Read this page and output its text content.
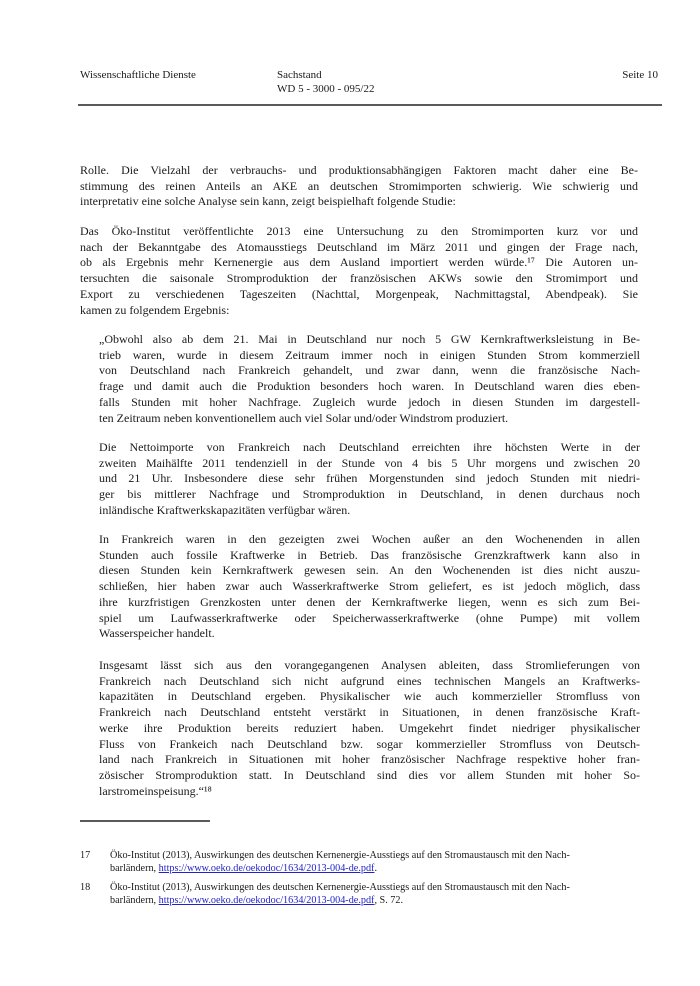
Wissenschaftliche Dienste	Sachstand
WD 5 - 3000 - 095/22
Seite 10
Rolle. Die Vielzahl der verbrauchs- und produktionsabhängigen Faktoren macht daher eine Be-
stimmung des reinen Anteils an AKE an deutschen Stromimporten schwierig. Wie schwierig und
interpretativ eine solche Analyse sein kann, zeigt beispielhaft folgende Studie:
Das Öko-Institut veröffentlichte 2013 eine Untersuchung zu den Stromimporten kurz vor und
nach der Bekanntgabe des Atomausstiegs Deutschland im März 2011 und gingen der Frage nach,
ob als Ergebnis mehr Kernenergie aus dem Ausland importiert werden würde.¹⁷ Die Autoren un-
tersuchten die saisonale Stromproduktion der französischen AKWs sowie den Stromimport und
Export zu verschiedenen Tageszeiten (Nachttal, Morgenpeak, Nachmittagstal, Abendpeak). Sie
kamen zu folgendem Ergebnis:
„Obwohl also ab dem 21. Mai in Deutschland nur noch 5 GW Kernkraftwerksleistung in Be-
trieb waren, wurde in diesem Zeitraum immer noch in einigen Stunden Strom kommerziell
von Deutschland nach Frankreich gehandelt, und zwar dann, wenn die französische Nach-
frage und damit auch die Produktion besonders hoch waren. In Deutschland waren dies eben-
falls Stunden mit hoher Nachfrage. Zugleich wurde jedoch in diesen Stunden im dargestell-
ten Zeitraum neben konventionellem auch viel Solar und/oder Windstrom produziert.
Die Nettoimporte von Frankreich nach Deutschland erreichten ihre höchsten Werte in der
zweiten Maihälfte 2011 tendenziell in der Stunde von 4 bis 5 Uhr morgens und zwischen 20
und 21 Uhr. Insbesondere diese sehr frühen Morgenstunden sind jedoch Stunden mit niedri-
ger bis mittlerer Nachfrage und Stromproduktion in Deutschland, in denen durchaus noch
inländische Kraftwerkskapazitäten verfügbar wären.
In Frankreich waren in den gezeigten zwei Wochen außer an den Wochenenden in allen
Stunden auch fossile Kraftwerke in Betrieb. Das französische Grenzkraftwerk kann also in
diesen Stunden kein Kernkraftwerk gewesen sein. An den Wochenenden ist dies nicht auszu-
schließen, hier haben zwar auch Wasserkraftwerke Strom geliefert, es ist jedoch möglich, dass
ihre kurzfristigen Grenzkosten unter denen der Kernkraftwerke liegen, wenn es sich zum Bei-
spiel um Laufwasserkraftwerke oder Speicherwasserkraftwerke (ohne Pumpe) mit vollem
Wasserspeicher handelt.
Insgesamt lässt sich aus den vorangegangenen Analysen ableiten, dass Stromlieferungen von
Frankreich nach Deutschland sich nicht aufgrund eines technischen Mangels an Kraftwerks-
kapazitäten in Deutschland ergeben. Physikalischer wie auch kommerzieller Stromfluss von
Frankreich nach Deutschland entsteht verstärkt in Situationen, in denen französische Kraft-
werke ihre Produktion bereits reduziert haben. Umgekehrt findet niedriger physikalischer
Fluss von Frankeich nach Deutschland bzw. sogar kommerzieller Stromfluss von Deutsch-
land nach Frankreich in Situationen mit hoher französischer Nachfrage respektive hoher fran-
zösischer Stromproduktion statt. In Deutschland sind dies vor allem Stunden mit hoher So-
larstromeinspeisung.“¹⁸
17 Öko-Institut (2013), Auswirkungen des deutschen Kernenergie-Ausstiegs auf den Stromaustausch mit den Nach-
barländern, https://www.oeko.de/oekodoc/1634/2013-004-de.pdf.
18 Öko-Institut (2013), Auswirkungen des deutschen Kernenergie-Ausstiegs auf den Stromaustausch mit den Nach-
barländern, https://www.oeko.de/oekodoc/1634/2013-004-de.pdf, S. 72.
